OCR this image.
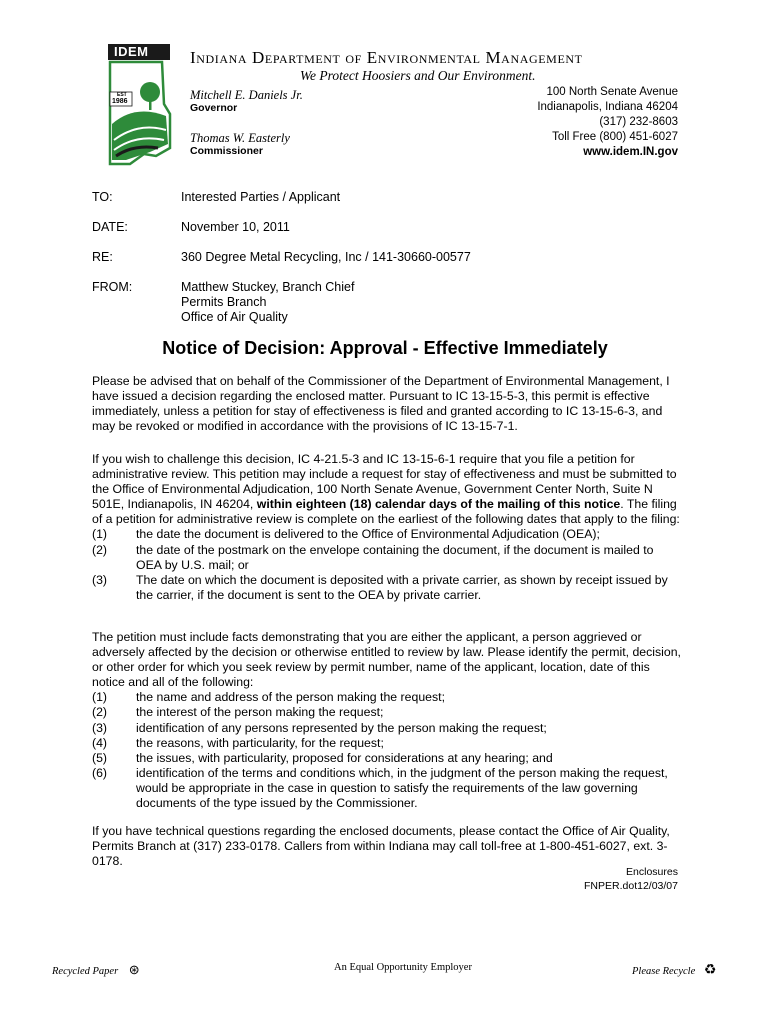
IDEM
EST
1986
Indiana Department of Environmental Management
We Protect Hoosiers and Our Environment.
Mitchell E. Daniels Jr.
Governor
Thomas W. Easterly
Commissioner
100 North Senate Avenue
Indianapolis, Indiana 46204
(317) 232-8603
Toll Free (800) 451-6027
www.idem.IN.gov
TO:	Interested Parties / Applicant
DATE:	November 10, 2011
RE:	360 Degree Metal Recycling, Inc / 141-30660-00577
FROM:	Matthew Stuckey, Branch Chief
Permits Branch
Office of Air Quality
Notice of Decision: Approval - Effective Immediately

Please be advised that on behalf of the Commissioner of the Department of Environmental Management, I have issued a decision regarding the enclosed matter. Pursuant to IC 13-15-5-3, this permit is effective immediately, unless a petition for stay of effectiveness is filed and granted according to IC 13-15-6-3, and may be revoked or modified in accordance with the provisions of IC 13-15-7-1.

If you wish to challenge this decision, IC 4-21.5-3 and IC 13-15-6-1 require that you file a petition for administrative review. This petition may include a request for stay of effectiveness and must be submitted to the Office of Environmental Adjudication, 100 North Senate Avenue, Government Center North, Suite N 501E, Indianapolis, IN 46204, within eighteen (18) calendar days of the mailing of this notice. The filing of a petition for administrative review is complete on the earliest of the following dates that apply to the filing:

(1) the date the document is delivered to the Office of Environmental Adjudication (OEA);
(2) the date of the postmark on the envelope containing the document, if the document is mailed to OEA by U.S. mail; or
(3) The date on which the document is deposited with a private carrier, as shown by receipt issued by the carrier, if the document is sent to the OEA by private carrier.

The petition must include facts demonstrating that you are either the applicant, a person aggrieved or adversely affected by the decision or otherwise entitled to review by law. Please identify the permit, decision, or other order for which you seek review by permit number, name of the applicant, location, date of this notice and all of the following:

(1) the name and address of the person making the request;
(2) the interest of the person making the request;
(3) identification of any persons represented by the person making the request;
(4) the reasons, with particularity, for the request;
(5) the issues, with particularity, proposed for considerations at any hearing; and
(6) identification of the terms and conditions which, in the judgment of the person making the request, would be appropriate in the case in question to satisfy the requirements of the law governing documents of the type issued by the Commissioner.

If you have technical questions regarding the enclosed documents, please contact the Office of Air Quality, Permits Branch at (317) 233-0178. Callers from within Indiana may call toll-free at 1-800-451-6027, ext. 3-0178.

Enclosures
FNPER.dot12/03/07
Recycled Paper ⊛	An Equal Opportunity Employer	Please Recycle ♻
